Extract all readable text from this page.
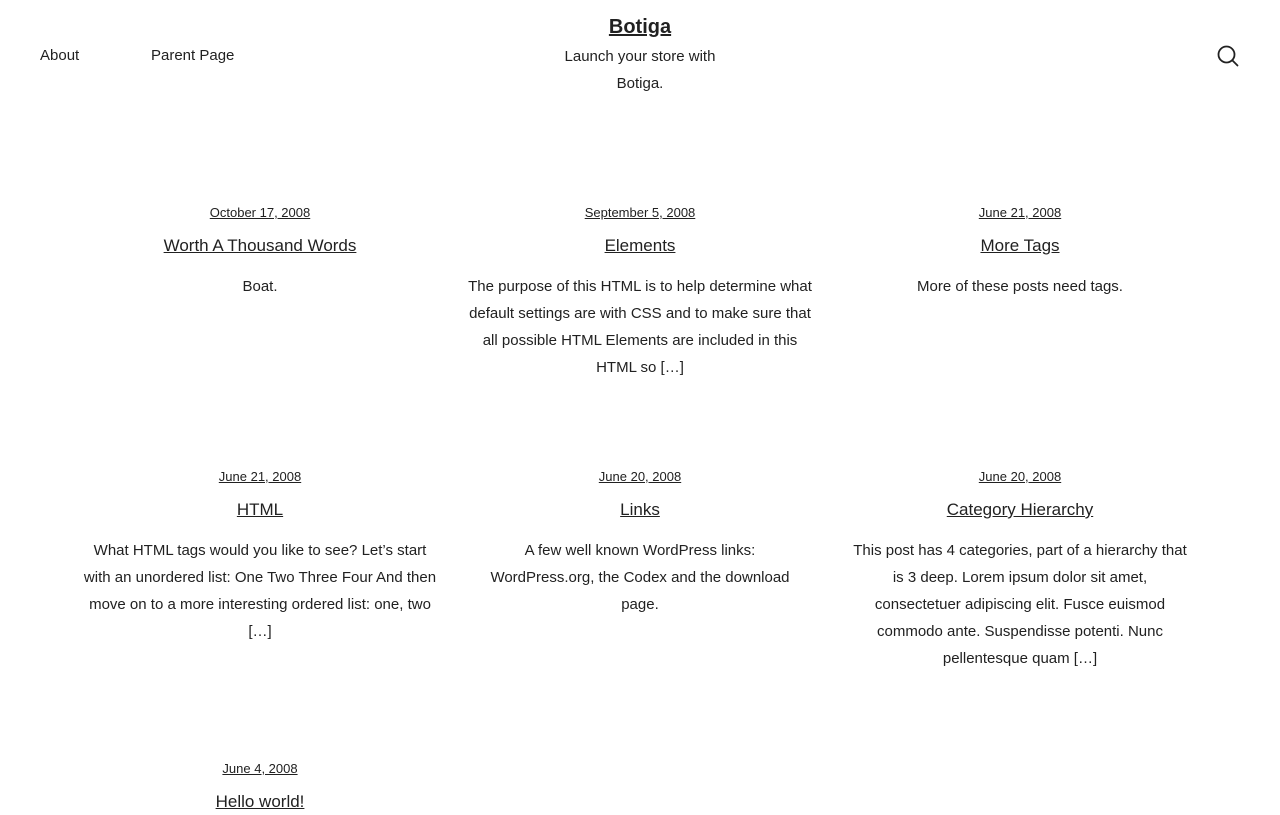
About	Parent Page
Botiga
Launch your store with Botiga.
October 17, 2008
Worth A Thousand Words
Boat.
September 5, 2008
Elements
The purpose of this HTML is to help determine what default settings are with CSS and to make sure that all possible HTML Elements are included in this HTML so […]
June 21, 2008
More Tags
More of these posts need tags.
June 21, 2008
HTML
What HTML tags would you like to see? Let’s start with an unordered list: One Two Three Four And then move on to a more interesting ordered list: one, two […]
June 20, 2008
Links
A few well known WordPress links: WordPress.org, the Codex and the download page.
June 20, 2008
Category Hierarchy
This post has 4 categories, part of a hierarchy that is 3 deep. Lorem ipsum dolor sit amet, consectetuer adipiscing elit. Fusce euismod commodo ante. Suspendisse potenti. Nunc pellentesque quam […]
June 4, 2008
Hello world!
